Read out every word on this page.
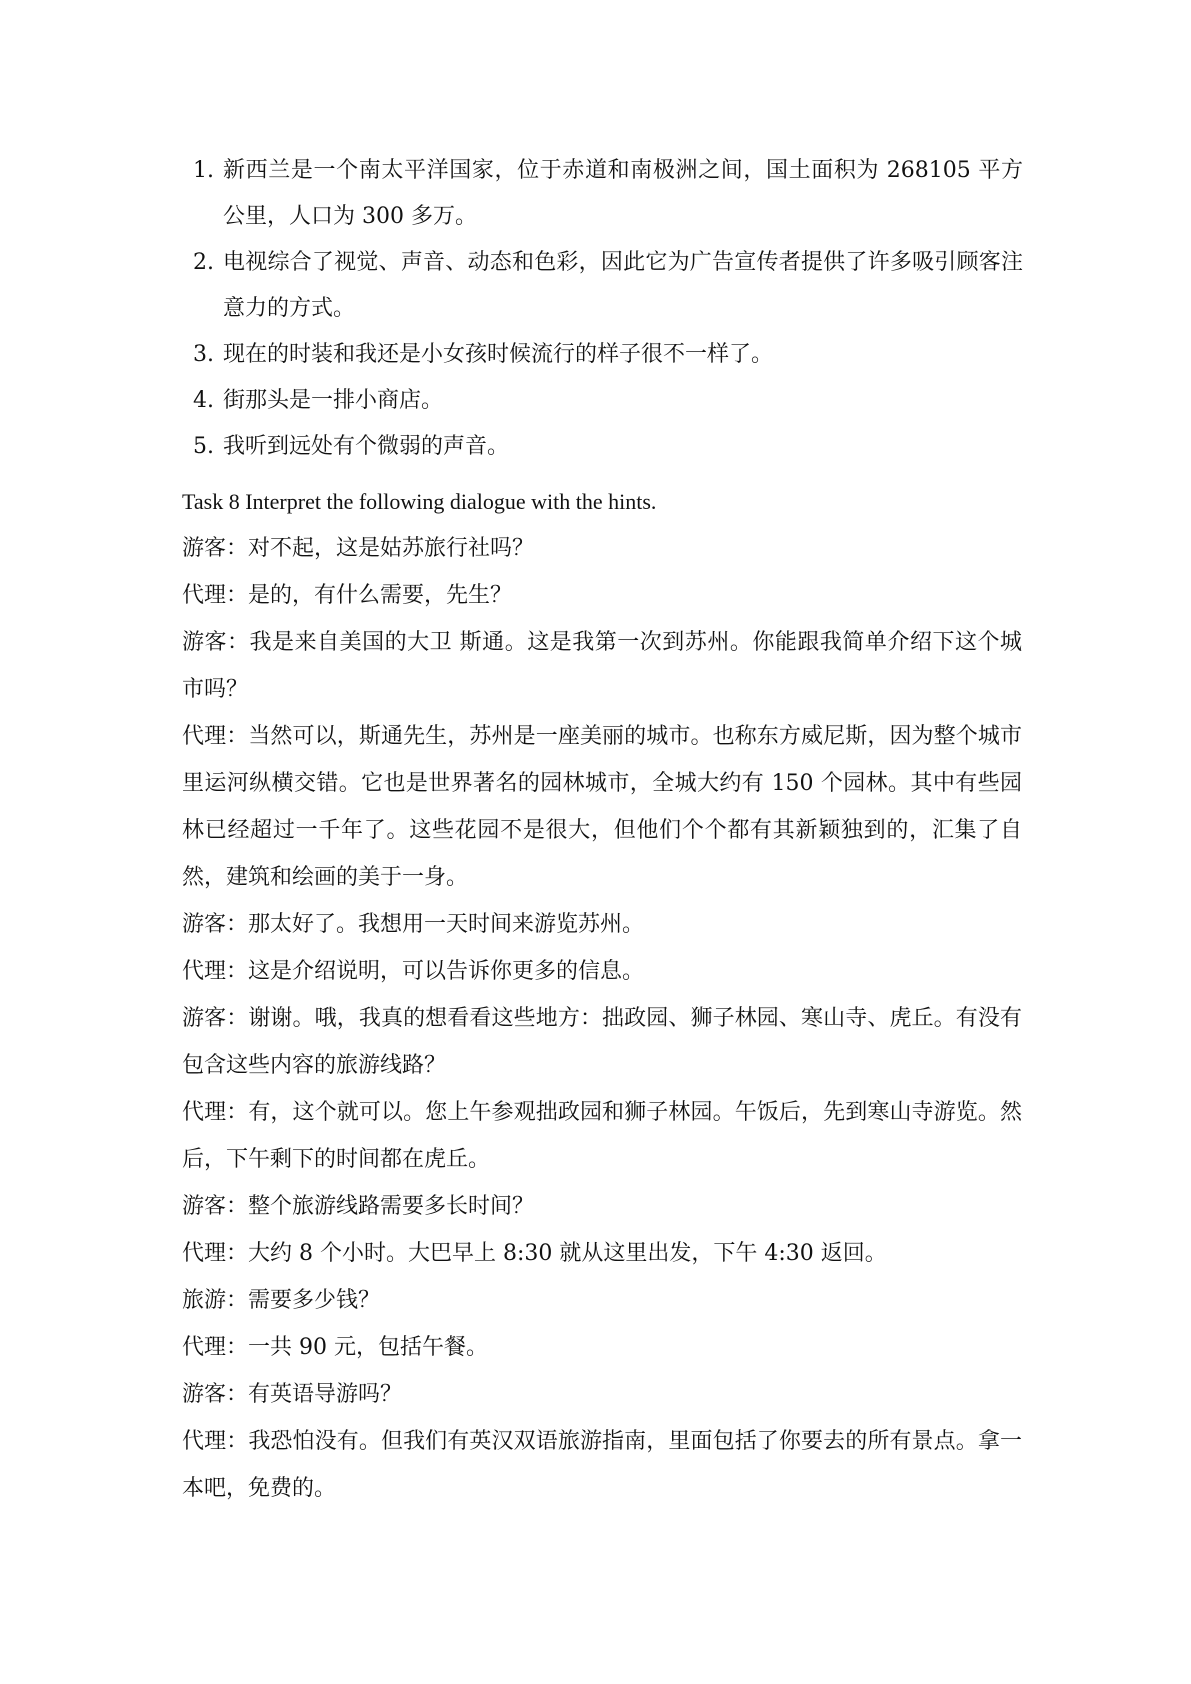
1. 新西兰是一个南太平洋国家，位于赤道和南极洲之间，国土面积为 268105 平方公里，人口为 300 多万。
2. 电视综合了视觉、声音、动态和色彩，因此它为广告宣传者提供了许多吸引顾客注意力的方式。
3. 现在的时装和我还是小女孩时候流行的样子很不一样了。
4. 街那头是一排小商店。
5. 我听到远处有个微弱的声音。
Task 8 Interpret the following dialogue with the hints.

游客：对不起，这是姑苏旅行社吗？

代理：是的，有什么需要，先生？

游客：我是来自美国的大卫 斯通。这是我第一次到苏州。你能跟我简单介绍下这个城市吗？

代理：当然可以，斯通先生，苏州是一座美丽的城市。也称东方威尼斯，因为整个城市里运河纵横交错。它也是世界著名的园林城市，全城大约有 150 个园林。其中有些园林已经超过一千年了。这些花园不是很大，但他们个个都有其新颖独到的，汇集了自然，建筑和绘画的美于一身。

游客：那太好了。我想用一天时间来游览苏州。

代理：这是介绍说明，可以告诉你更多的信息。

游客：谢谢。哦，我真的想看看这些地方：拙政园、狮子林园、寒山寺、虎丘。有没有包含这些内容的旅游线路？

代理：有，这个就可以。您上午参观拙政园和狮子林园。午饭后，先到寒山寺游览。然后，下午剩下的时间都在虎丘。

游客：整个旅游线路需要多长时间？

代理：大约 8 个小时。大巴早上 8:30 就从这里出发，下午 4:30 返回。

旅游：需要多少钱？

代理：一共 90 元，包括午餐。

游客：有英语导游吗？

代理：我恐怕没有。但我们有英汉双语旅游指南，里面包括了你要去的所有景点。拿一本吧，免费的。
